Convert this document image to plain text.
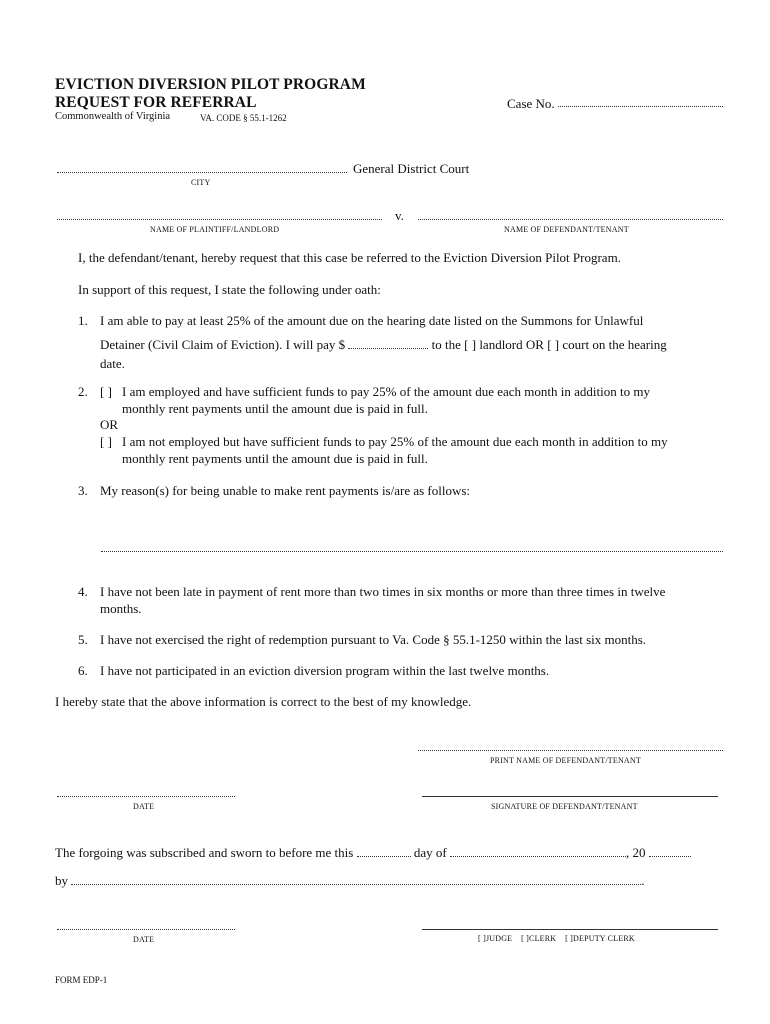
EVICTION DIVERSION PILOT PROGRAM
REQUEST FOR REFERRAL
Commonwealth of Virginia	VA. CODE § 55.1-1262
Case No.
General District Court
CITY
v.
NAME OF PLAINTIFF/LANDLORD	NAME OF DEFENDANT/TENANT
I, the defendant/tenant, hereby request that this case be referred to the Eviction Diversion Pilot Program.
In support of this request, I state the following under oath:
1. I am able to pay at least 25% of the amount due on the hearing date listed on the Summons for Unlawful
Detainer (Civil Claim of Eviction). I will pay $	to the [ ] landlord OR [ ] court on the hearing
date.
2. [ ] I am employed and have sufficient funds to pay 25% of the amount due each month in addition to my
monthly rent payments until the amount due is paid in full.
OR
[ ] I am not employed but have sufficient funds to pay 25% of the amount due each month in addition to my
monthly rent payments until the amount due is paid in full.
3. My reason(s) for being unable to make rent payments is/are as follows:
4. I have not been late in payment of rent more than two times in six months or more than three times in twelve
months.
5. I have not exercised the right of redemption pursuant to Va. Code § 55.1-1250 within the last six months.
6. I have not participated in an eviction diversion program within the last twelve months.
I hereby state that the above information is correct to the best of my knowledge.
PRINT NAME OF DEFENDANT/TENANT
DATE	SIGNATURE OF DEFENDANT/TENANT
The forgoing was subscribed and sworn to before me this	day of	, 20
by	.
DATE	[ ]JUDGE [ ]CLERK [ ]DEPUTY CLERK
FORM EDP-1
